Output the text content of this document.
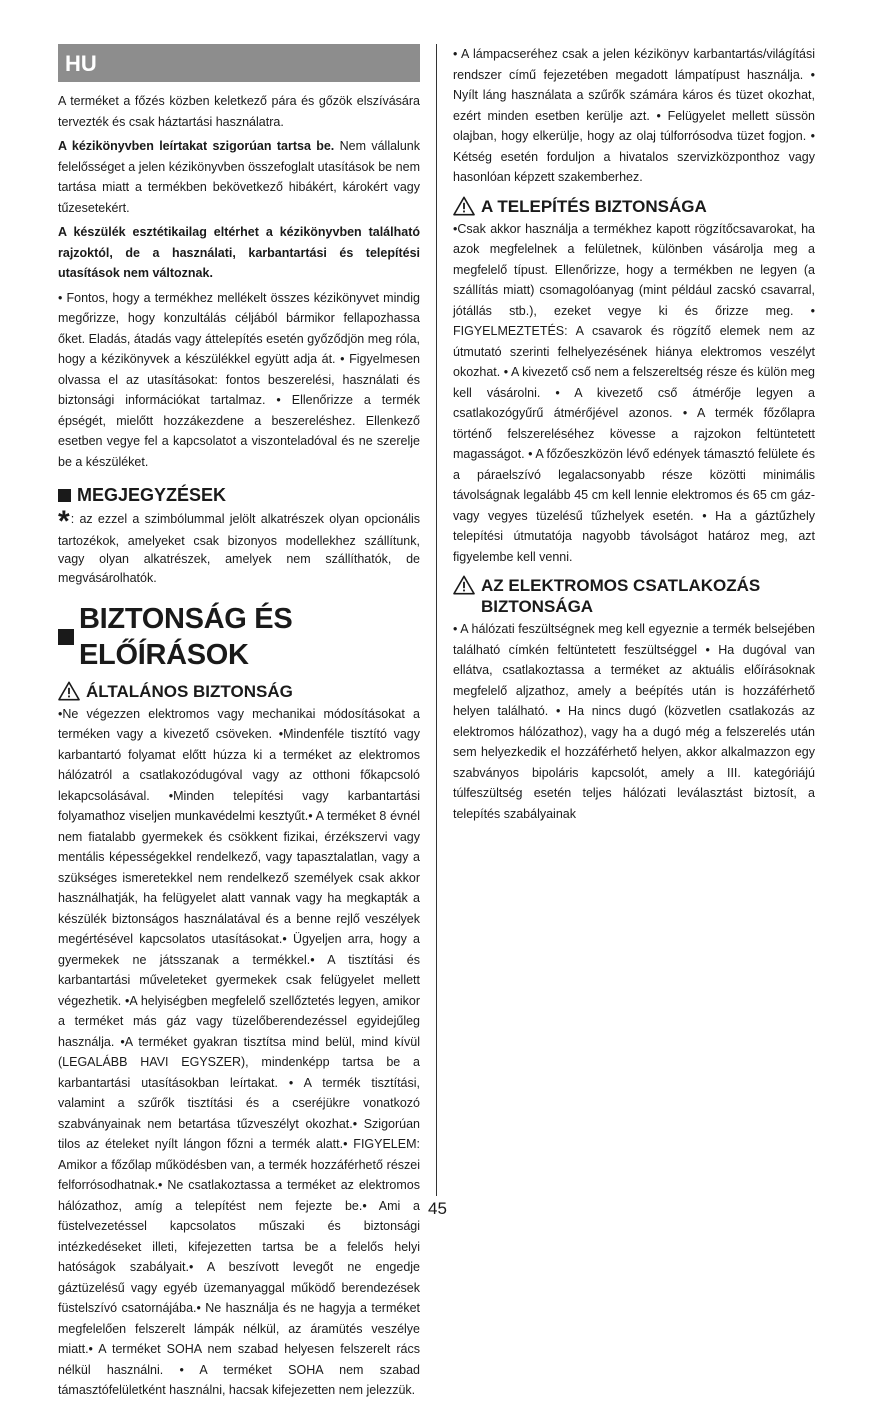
HU

A terméket a főzés közben keletkező pára és gőzök elszívására tervezték és csak háztartási használatra.

A kézikönyvben leírtakat szigorúan tartsa be. Nem vállalunk felelősséget a jelen kézikönyvben összefoglalt utasítások be nem tartása miatt a termékben bekövetkező hibákért, károkért vagy tűzesetekért.

A készülék esztétikailag eltérhet a kézikönyvben található rajzoktól, de a használati, karbantartási és telepítési utasítások nem változnak.

• Fontos, hogy a termékhez mellékelt összes kézikönyvet mindig megőrizze, hogy konzultálás céljából bármikor fellapozhassa őket. Eladás, átadás vagy áttelepítés esetén győződjön meg róla, hogy a kézikönyvek a készülékkel együtt adja át. • Figyelmesen olvassa el az utasításokat: fontos beszerelési, használati és biztonsági információkat tartalmaz. • Ellenőrizze a termék épségét, mielőtt hozzákezdene a beszereléshez. Ellenkező esetben vegye fel a kapcsolatot a viszonteladóval és ne szerelje be a készüléket.

MEGJEGYZÉSEK

*: az ezzel a szimbólummal jelölt alkatrészek olyan opcionális tartozékok, amelyeket csak bizonyos modellekhez szállítunk, vagy olyan alkatrészek, amelyek nem szállíthatók, de megvásárolhatók.

BIZTONSÁG ÉS ELŐÍRÁSOK
ÁLTALÁNOS BIZTONSÁG

•Ne végezzen elektromos vagy mechanikai módosításokat a terméken vagy a kivezető csöveken. •Mindenféle tisztító vagy karbantartó folyamat előtt húzza ki a terméket az elektromos hálózatról a csatlakozódugóval vagy az otthoni főkapcsoló lekapcsolásával. •Minden telepítési vagy karbantartási folyamathoz viseljen munkavédelmi kesztyűt.• A terméket 8 évnél nem fiatalabb gyermekek és csökkent fizikai, érzékszervi vagy mentális képességekkel rendelkező, vagy tapasztalatlan, vagy a szükséges ismeretekkel nem rendelkező személyek csak akkor használhatják, ha felügyelet alatt vannak vagy ha megkapták a készülék biztonságos használatával és a benne rejlő veszélyek megértésével kapcsolatos utasításokat.• Ügyeljen arra, hogy a gyermekek ne játsszanak a termékkel.• A tisztítási és karbantartási műveleteket gyermekek csak felügyelet mellett végezhetik. •A helyiségben megfelelő szellőztetés legyen, amikor a terméket más gáz vagy tüzelőberendezéssel egyidejűleg használja. •A terméket gyakran tisztítsa mind belül, mind kívül (LEGALÁBB HAVI EGYSZER), mindenképp tartsa be a karbantartási utasításokban leírtakat. • A termék tisztítási, valamint a szűrők tisztítási és a cseréjükre vonatkozó szabványainak nem betartása tűzveszélyt okozhat.• Szigorúan tilos az ételeket nyílt lángon főzni a termék alatt.• FIGYELEM: Amikor a főzőlap működésben van, a termék hozzáférhető részei felforrósodhatnak.• Ne csatlakoztassa a terméket az elektromos hálózathoz, amíg a telepítést nem fejezte be.• Ami a füstelvezetéssel kapcsolatos műszaki és biztonsági intézkedéseket illeti, kifejezetten tartsa be a felelős helyi hatóságok szabályait.• A beszívott levegőt ne engedje gáztüzelésű vagy egyéb üzemanyaggal működő berendezések füstelszívó csatornájába.• Ne használja és ne hagyja a terméket megfelelően felszerelt lámpák nélkül, az áramütés veszélye miatt.• A terméket SOHA nem szabad helyesen felszerelt rács nélkül használni. • A terméket SOHA nem szabad támasztófelületként használni, hacsak kifejezetten nem jelezzük.

• A lámpacseréhez csak a jelen kézikönyv karbantartás/világítási rendszer című fejezetében megadott lámpatípust használja. • Nyílt láng használata a szűrők számára káros és tüzet okozhat, ezért minden esetben kerülje azt. • Felügyelet mellett süssön olajban, hogy elkerülje, hogy az olaj túlforrósodva tüzet fogjon. • Kétség esetén forduljon a hivatalos szervizközponthoz vagy hasonlóan képzett szakemberhez.

A TELEPÍTÉS BIZTONSÁGA

•Csak akkor használja a termékhez kapott rögzítőcsavarokat, ha azok megfelelnek a felületnek, különben vásárolja meg a megfelelő típust. Ellenőrizze, hogy a termékben ne legyen (a szállítás miatt) csomagolóanyag (mint például zacskó csavarral, jótállás stb.), ezeket vegye ki és őrizze meg. • FIGYELMEZTETÉS: A csavarok és rögzítő elemek nem az útmutató szerinti felhelyezésének hiánya elektromos veszélyt okozhat. • A kivezető cső nem a felszereltség része és külön meg kell vásárolni. • A kivezető cső átmérője legyen a csatlakozógyűrű átmérőjével azonos. • A termék főzőlapra történő felszereléséhez kövesse a rajzokon feltüntetett magasságot. • A főzőeszközön lévő edények támasztó felülete és a páraelszívó legalacsonyabb része közötti minimális távolságnak legalább 45 cm kell lennie elektromos és 65 cm gáz- vagy vegyes tüzelésű tűzhelyek esetén. • Ha a gáztűzhely telepítési útmutatója nagyobb távolságot határoz meg, azt figyelembe kell venni.

AZ ELEKTROMOS CSATLAKOZÁS BIZTONSÁGA

• A hálózati feszültségnek meg kell egyeznie a termék belsejében található címkén feltüntetett feszültséggel • Ha dugóval van ellátva, csatlakoztassa a terméket az aktuális előírásoknak megfelelő aljzathoz, amely a beépítés után is hozzáférhető helyen található. • Ha nincs dugó (közvetlen csatlakozás az elektromos hálózathoz), vagy ha a dugó még a felszerelés után sem helyezkedik el hozzáférhető helyen, akkor alkalmazzon egy szabványos bipoláris kapcsolót, amely a III. kategóriájú túlfeszültség esetén teljes hálózati leválasztást biztosít, a telepítés szabályainak

45
